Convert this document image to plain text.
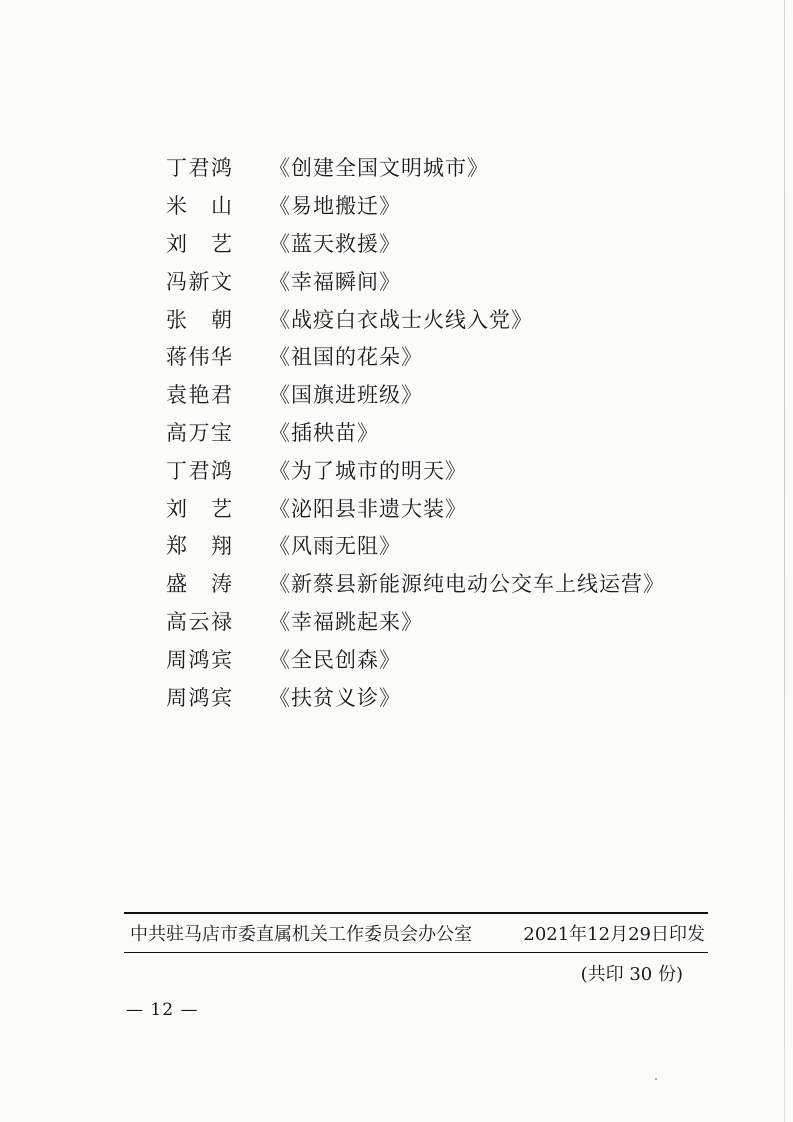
丁 君 鸿 《创建全国文明城市》
米 山 《易地搬迁》
刘 艺 《蓝天救援》
冯 新 文 《幸福瞬间》
张 朝 《战疫白衣战士火线入党》
蒋 伟 华 《祖国的花朵》
袁 艳 君 《国旗进班级》
高 万 宝 《插秧苗》
丁 君 鸿 《为了城市的明天》
刘 艺 《泌阳县非遗大装》
郑 翔 《风雨无阻》
盛 涛 《新蔡县新能源纯电动公交车上线运营》
高 云 禄 《幸福跳起来》
周 鸿 宾 《全民创森》
周 鸿 宾 《扶贫义诊》
中共驻马店市委直属机关工作委员会办公室	2021年12月29日印发
(共印 30 份)
— 12 —
